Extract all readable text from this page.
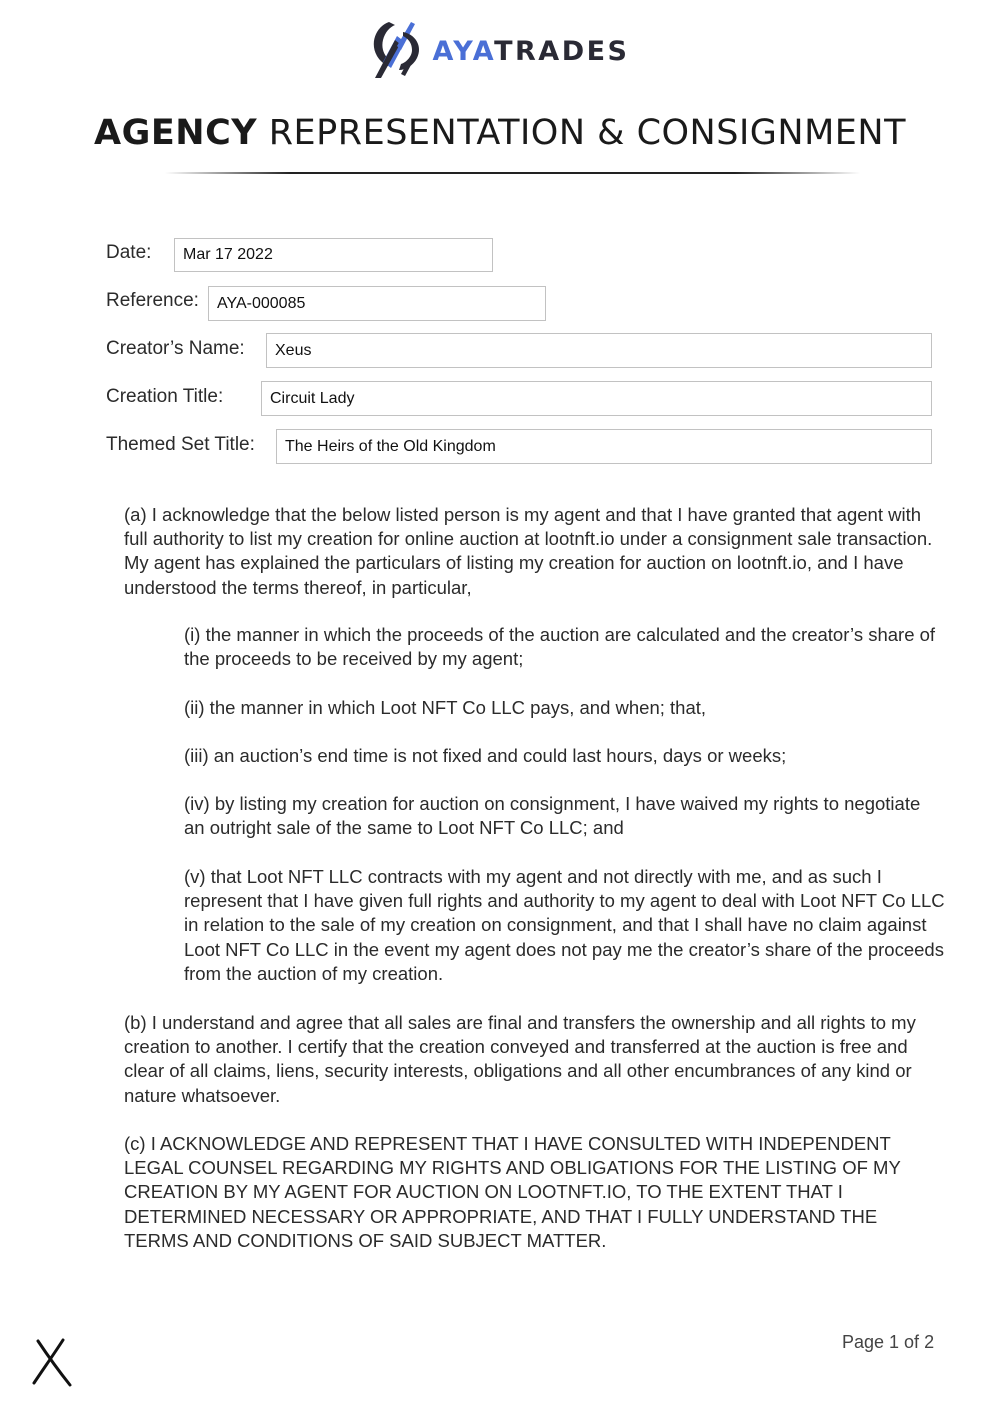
AYATRADES
AGENCY REPRESENTATION & CONSIGNMENT
Date:	Mar 17 2022
Reference:	AYA-000085
Creator’s Name:	Xeus
Creation Title:	Circuit Lady
Themed Set Title:	The Heirs of the Old Kingdom

(a) I acknowledge that the below listed person is my agent and that I have granted that agent with full authority to list my creation for online auction at lootnft.io under a consignment sale transaction. My agent has explained the particulars of listing my creation for auction on lootnft.io, and I have understood the terms thereof, in particular,

(i) the manner in which the proceeds of the auction are calculated and the creator’s share of the proceeds to be received by my agent;

(ii) the manner in which Loot NFT Co LLC pays, and when; that,

(iii) an auction’s end time is not fixed and could last hours, days or weeks;

(iv) by listing my creation for auction on consignment, I have waived my rights to negotiate an outright sale of the same to Loot NFT Co LLC; and

(v) that Loot NFT LLC contracts with my agent and not directly with me, and as such I represent that I have given full rights and authority to my agent to deal with Loot NFT Co LLC in relation to the sale of my creation on consignment, and that I shall have no claim against Loot NFT Co LLC in the event my agent does not pay me the creator’s share of the proceeds from the auction of my creation.

(b) I understand and agree that all sales are final and transfers the ownership and all rights to my creation to another. I certify that the creation conveyed and transferred at the auction is free and clear of all claims, liens, security interests, obligations and all other encumbrances of any kind or nature whatsoever.

(c) I ACKNOWLEDGE AND REPRESENT THAT I HAVE CONSULTED WITH INDEPENDENT LEGAL COUNSEL REGARDING MY RIGHTS AND OBLIGATIONS FOR THE LISTING OF MY CREATION BY MY AGENT FOR AUCTION ON LOOTNFT.IO, TO THE EXTENT THAT I DETERMINED NECESSARY OR APPROPRIATE, AND THAT I FULLY UNDERSTAND THE TERMS AND CONDITIONS OF SAID SUBJECT MATTER.

Page 1 of 2
